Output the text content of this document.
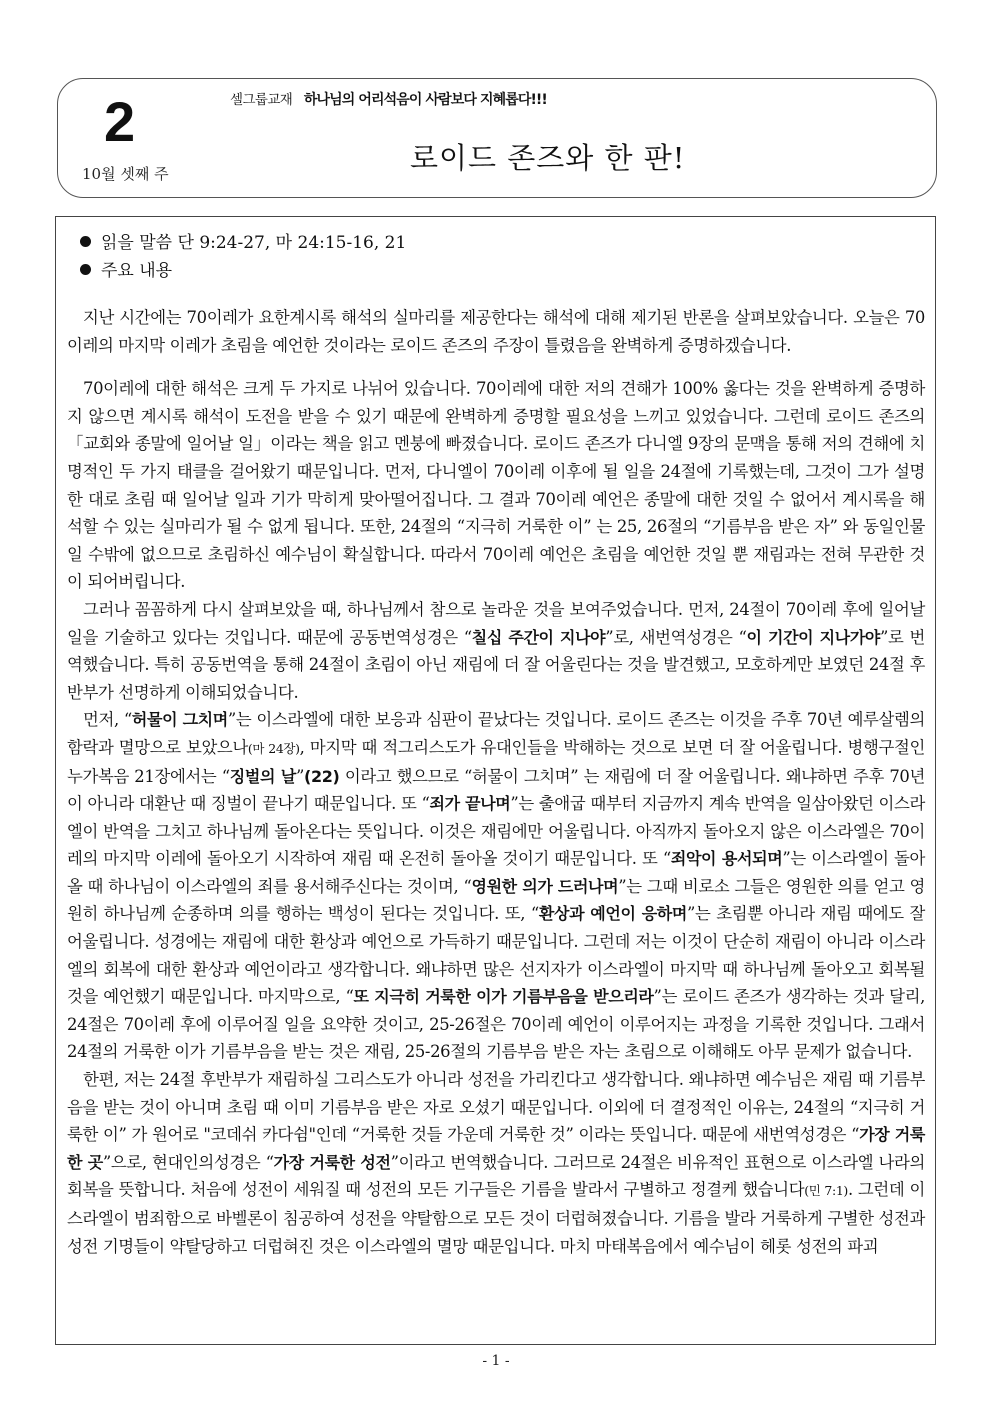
2
10월 셋째 주
셀그룹교재 하나님의 어리석음이 사람보다 지혜롭다!!!
로이드 존즈와 한 판!
읽을 말씀 단 9:24-27, 마 24:15-16, 21
주요 내용

지난 시간에는 70이레가 요한계시록 해석의 실마리를 제공한다는 해석에 대해 제기된 반론을 살펴보았습니다. 오늘은 70이레의 마지막 이레가 초림을 예언한 것이라는 로이드 존즈의 주장이 틀렸음을 완벽하게 증명하겠습니다.

70이레에 대한 해석은 크게 두 가지로 나뉘어 있습니다. 70이레에 대한 저의 견해가 100% 옳다는 것을 완벽하게 증명하지 않으면 계시록 해석이 도전을 받을 수 있기 때문에 완벽하게 증명할 필요성을 느끼고 있었습니다. 그런데 로이드 존즈의「교회와 종말에 일어날 일」이라는 책을 읽고 멘붕에 빠졌습니다. 로이드 존즈가 다니엘 9장의 문맥을 통해 저의 견해에 치명적인 두 가지 태클을 걸어왔기 때문입니다. 먼저, 다니엘이 70이레 이후에 될 일을 24절에 기록했는데, 그것이 그가 설명한 대로 초림 때 일어날 일과 기가 막히게 맞아떨어집니다. 그 결과 70이레 예언은 종말에 대한 것일 수 없어서 계시록을 해석할 수 있는 실마리가 될 수 없게 됩니다. 또한, 24절의 “지극히 거룩한 이” 는 25, 26절의 “기름부음 받은 자” 와 동일인물일 수밖에 없으므로 초림하신 예수님이 확실합니다. 따라서 70이레 예언은 초림을 예언한 것일 뿐 재림과는 전혀 무관한 것이 되어버립니다.

그러나 꼼꼼하게 다시 살펴보았을 때, 하나님께서 참으로 놀라운 것을 보여주었습니다. 먼저, 24절이 70이레 후에 일어날 일을 기술하고 있다는 것입니다. 때문에 공동번역성경은 “칠십 주간이 지나야”로, 새번역성경은 “이 기간이 지나가야”로 번역했습니다. 특히 공동번역을 통해 24절이 초림이 아닌 재림에 더 잘 어울린다는 것을 발견했고, 모호하게만 보였던 24절 후반부가 선명하게 이해되었습니다.

먼저, “허물이 그치며”는 이스라엘에 대한 보응과 심판이 끝났다는 것입니다. 로이드 존즈는 이것을 주후 70년 예루살렘의 함락과 멸망으로 보았으나(마 24장), 마지막 때 적그리스도가 유대인들을 박해하는 것으로 보면 더 잘 어울립니다. 병행구절인 누가복음 21장에서는 “징벌의 날”(22) 이라고 했으므로 “허물이 그치며” 는 재림에 더 잘 어울립니다. 왜냐하면 주후 70년이 아니라 대환난 때 징벌이 끝나기 때문입니다. 또 “죄가 끝나며”는 출애굽 때부터 지금까지 계속 반역을 일삼아왔던 이스라엘이 반역을 그치고 하나님께 돌아온다는 뜻입니다. 이것은 재림에만 어울립니다. 아직까지 돌아오지 않은 이스라엘은 70이레의 마지막 이레에 돌아오기 시작하여 재림 때 온전히 돌아올 것이기 때문입니다. 또 “죄악이 용서되며”는 이스라엘이 돌아올 때 하나님이 이스라엘의 죄를 용서해주신다는 것이며, “영원한 의가 드러나며”는 그때 비로소 그들은 영원한 의를 얻고 영원히 하나님께 순종하며 의를 행하는 백성이 된다는 것입니다. 또, “환상과 예언이 응하며”는 초림뿐 아니라 재림 때에도 잘 어울립니다. 성경에는 재림에 대한 환상과 예언으로 가득하기 때문입니다. 그런데 저는 이것이 단순히 재림이 아니라 이스라엘의 회복에 대한 환상과 예언이라고 생각합니다. 왜냐하면 많은 선지자가 이스라엘이 마지막 때 하나님께 돌아오고 회복될 것을 예언했기 때문입니다. 마지막으로, “또 지극히 거룩한 이가 기름부음을 받으리라”는 로이드 존즈가 생각하는 것과 달리, 24절은 70이레 후에 이루어질 일을 요약한 것이고, 25-26절은 70이레 예언이 이루어지는 과정을 기록한 것입니다. 그래서 24절의 거룩한 이가 기름부음을 받는 것은 재림, 25-26절의 기름부음 받은 자는 초림으로 이해해도 아무 문제가 없습니다.

한편, 저는 24절 후반부가 재림하실 그리스도가 아니라 성전을 가리킨다고 생각합니다. 왜냐하면 예수님은 재림 때 기름부음을 받는 것이 아니며 초림 때 이미 기름부음 받은 자로 오셨기 때문입니다. 이외에 더 결정적인 이유는, 24절의 “지극히 거룩한 이” 가 원어로 "코데쉬 카다쉼"인데 “거룩한 것들 가운데 거룩한 것” 이라는 뜻입니다. 때문에 새번역성경은 “가장 거룩한 곳”으로, 현대인의성경은 “가장 거룩한 성전”이라고 번역했습니다. 그러므로 24절은 비유적인 표현으로 이스라엘 나라의 회복을 뜻합니다. 처음에 성전이 세워질 때 성전의 모든 기구들은 기름을 발라서 구별하고 정결케 했습니다(민 7:1). 그런데 이스라엘이 범죄함으로 바벨론이 침공하여 성전을 약탈함으로 모든 것이 더럽혀졌습니다. 기름을 발라 거룩하게 구별한 성전과 성전 기명들이 약탈당하고 더럽혀진 것은 이스라엘의 멸망 때문입니다. 마치 마태복음에서 예수님이 헤롯 성전의 파괴

- 1 -
